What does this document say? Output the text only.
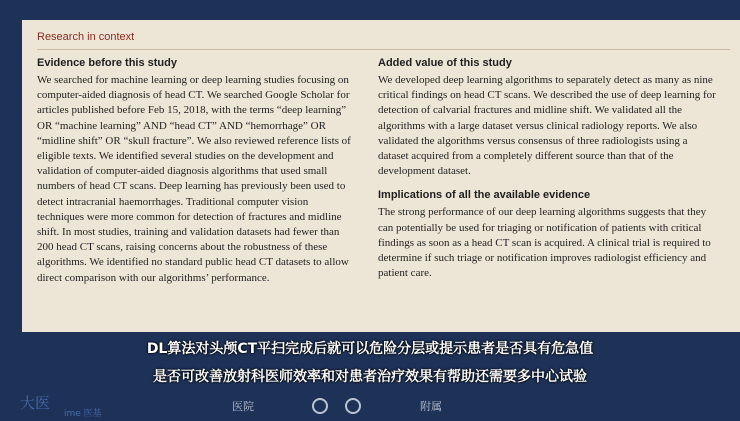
Research in context

Evidence before this study

We searched for machine learning or deep learning studies focusing on computer-aided diagnosis of head CT. We searched Google Scholar for articles published before Feb 15, 2018, with the terms “deep learning” OR “machine learning” AND “head CT” AND “hemorrhage” OR “midline shift” OR “skull fracture”. We also reviewed reference lists of eligible texts. We identified several studies on the development and validation of computer-aided diagnosis algorithms that used small numbers of head CT scans. Deep learning has previously been used to detect intracranial haemorrhages. Traditional computer vision techniques were more common for detection of fractures and midline shift. In most studies, training and validation datasets had fewer than 200 head CT scans, raising concerns about the robustness of these algorithms. We identified no standard public head CT datasets to allow direct comparison with our algorithms’ performance.

Added value of this study

We developed deep learning algorithms to separately detect as many as nine critical findings on head CT scans. We described the use of deep learning for detection of calvarial fractures and midline shift. We validated all the algorithms with a large dataset versus clinical radiology reports. We also validated the algorithms versus consensus of three radiologists using a dataset acquired from a completely different source than that of the development dataset.

Implications of all the available evidence

The strong performance of our deep learning algorithms suggests that they can potentially be used for triaging or notification of patients with critical findings as soon as a head CT scan is acquired. A clinical trial is required to determine if such triage or notification improves radiologist efficiency and patient care.

DL算法对头颅CT平扫完成后就可以危险分层或提示患者是否具有危急值
是否可改善放射科医师效率和对患者治疗效果有帮助还需要多中心试验
大医
ime 医基
医院	附属
